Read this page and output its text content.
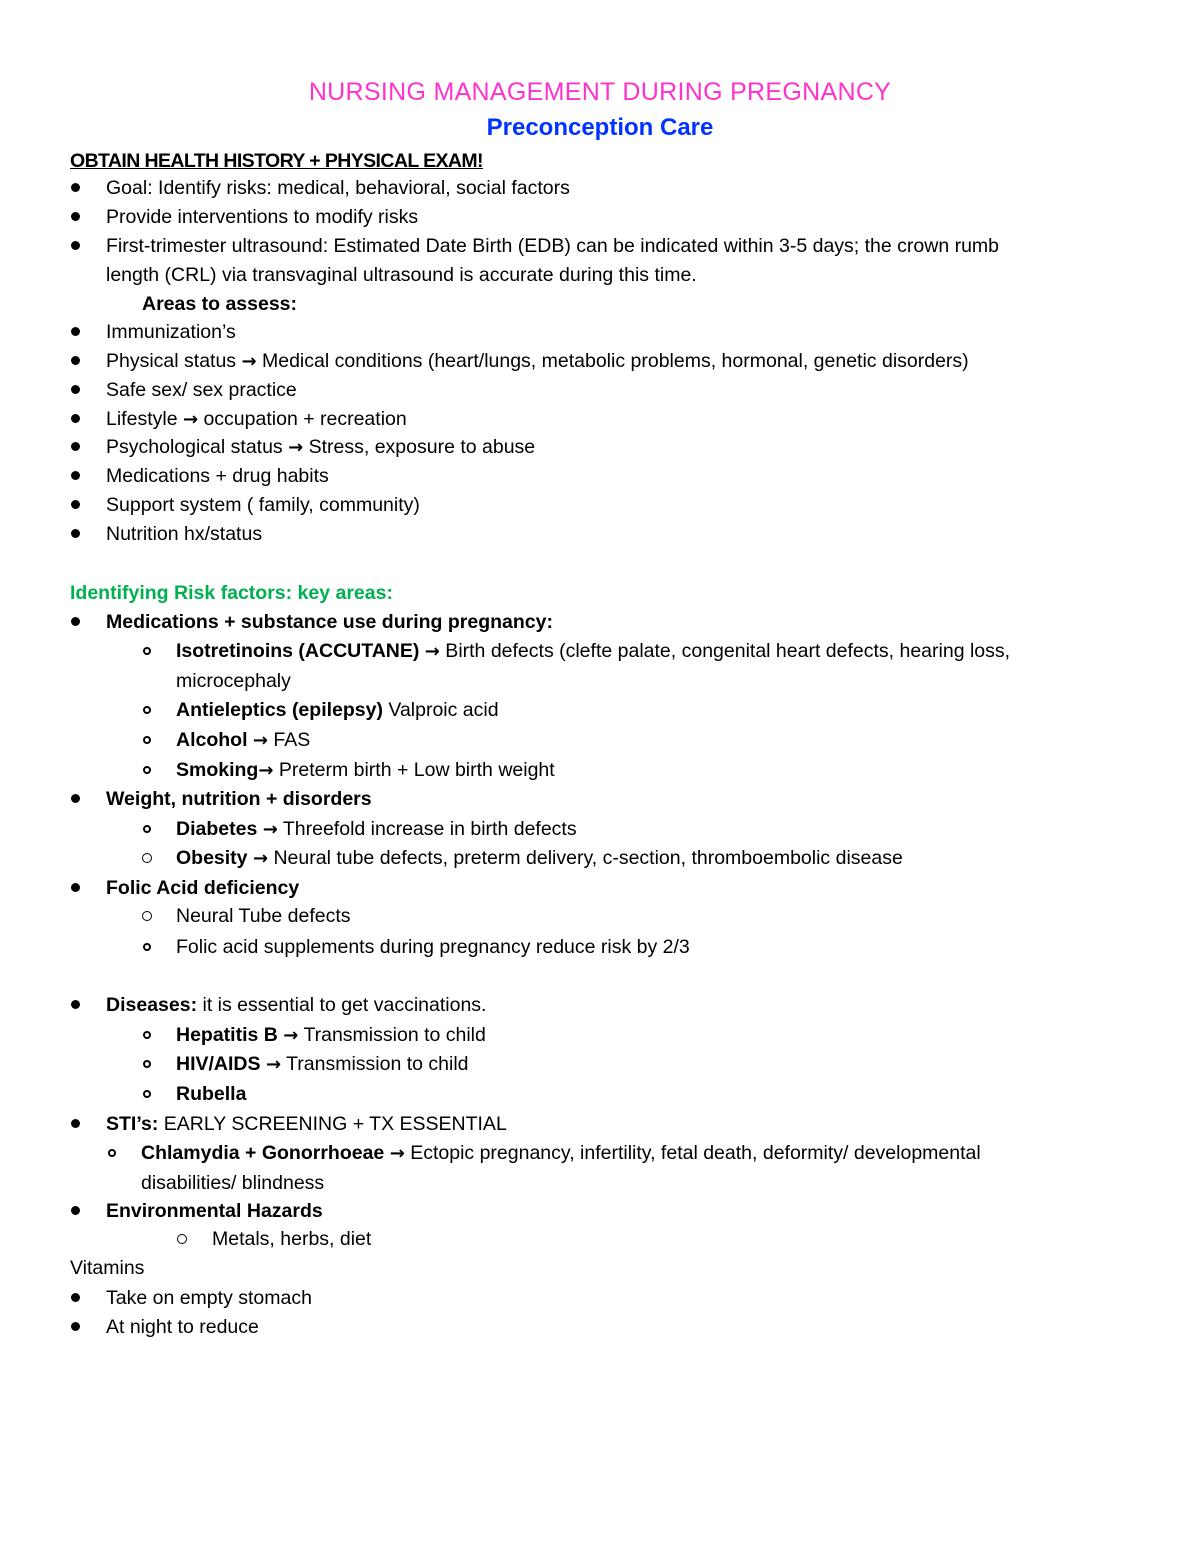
NURSING MANAGEMENT DURING PREGNANCY
Preconception Care
OBTAIN HEALTH HISTORY + PHYSICAL EXAM!
Goal: Identify risks: medical, behavioral, social factors
Provide interventions to modify risks
First-trimester ultrasound: Estimated Date Birth (EDB) can be indicated within 3-5 days; the crown rumb
length (CRL) via transvaginal ultrasound is accurate during this time.
Areas to assess:
Immunization’s
Physical status → Medical conditions (heart/lungs, metabolic problems, hormonal, genetic disorders)
Safe sex/ sex practice
Lifestyle → occupation + recreation
Psychological status → Stress, exposure to abuse
Medications + drug habits
Support system ( family, community)
Nutrition hx/status
Identifying Risk factors: key areas:
Medications + substance use during pregnancy:
Isotretinoins (ACCUTANE) → Birth defects (clefte palate, congenital heart defects, hearing loss,
microcephaly
Antieleptics (epilepsy) Valproic acid
Alcohol → FAS
Smoking→ Preterm birth + Low birth weight
Weight, nutrition + disorders
Diabetes → Threefold increase in birth defects
Obesity → Neural tube defects, preterm delivery, c-section, thromboembolic disease
Folic Acid deficiency
Neural Tube defects
Folic acid supplements during pregnancy reduce risk by 2/3
Diseases: it is essential to get vaccinations.
Hepatitis B → Transmission to child
HIV/AIDS → Transmission to child
Rubella
STI’s: EARLY SCREENING + TX ESSENTIAL
Chlamydia + Gonorrhoeae → Ectopic pregnancy, infertility, fetal death, deformity/ developmental
disabilities/ blindness
Environmental Hazards
Metals, herbs, diet
Vitamins
Take on empty stomach
At night to reduce
